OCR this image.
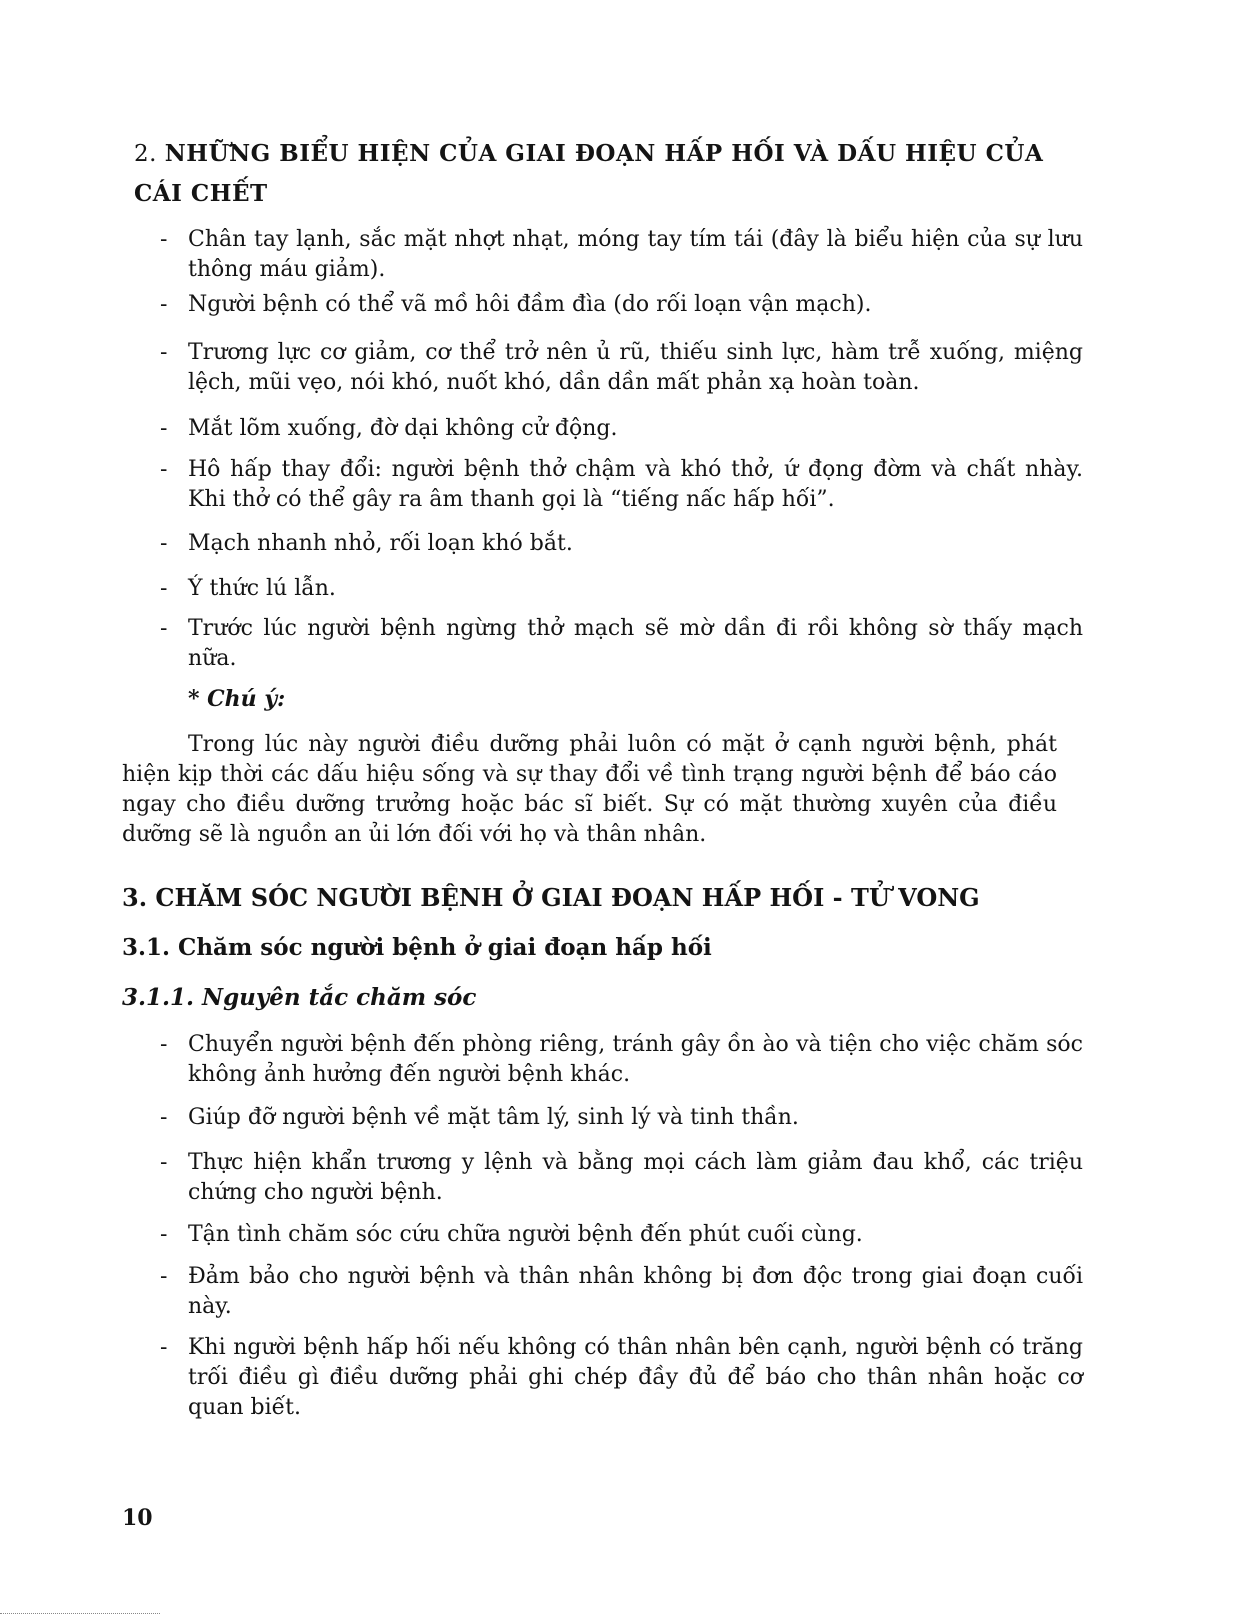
2. NHỮNG BIỂU HIỆN CỦA GIAI ĐOẠN HẤP HỐI VÀ DẤU HIỆU CỦA CÁI CHẾT

- Chân tay lạnh, sắc mặt nhợt nhạt, móng tay tím tái (đây là biểu hiện của sự lưu thông máu giảm).

- Người bệnh có thể vã mồ hôi đầm đìa (do rối loạn vận mạch).

- Trương lực cơ giảm, cơ thể trở nên ủ rũ, thiếu sinh lực, hàm trễ xuống, miệng lệch, mũi vẹo, nói khó, nuốt khó, dần dần mất phản xạ hoàn toàn.

- Mắt lõm xuống, đờ dại không cử động.

- Hô hấp thay đổi: người bệnh thở chậm và khó thở, ứ đọng đờm và chất nhày. Khi thở có thể gây ra âm thanh gọi là “tiếng nấc hấp hối”.

- Mạch nhanh nhỏ, rối loạn khó bắt.

- Ý thức lú lẫn.

- Trước lúc người bệnh ngừng thở mạch sẽ mờ dần đi rồi không sờ thấy mạch nữa.

* Chú ý:

Trong lúc này người điều dưỡng phải luôn có mặt ở cạnh người bệnh, phát hiện kịp thời các dấu hiệu sống và sự thay đổi về tình trạng người bệnh để báo cáo ngay cho điều dưỡng trưởng hoặc bác sĩ biết. Sự có mặt thường xuyên của điều dưỡng sẽ là nguồn an ủi lớn đối với họ và thân nhân.

3. CHĂM SÓC NGƯỜI BỆNH Ở GIAI ĐOẠN HẤP HỐI - TỬ VONG
3.1. Chăm sóc người bệnh ở giai đoạn hấp hối
3.1.1. Nguyên tắc chăm sóc

- Chuyển người bệnh đến phòng riêng, tránh gây ồn ào và tiện cho việc chăm sóc không ảnh hưởng đến người bệnh khác.

- Giúp đỡ người bệnh về mặt tâm lý, sinh lý và tinh thần.

- Thực hiện khẩn trương y lệnh và bằng mọi cách làm giảm đau khổ, các triệu chứng cho người bệnh.

- Tận tình chăm sóc cứu chữa người bệnh đến phút cuối cùng.

- Đảm bảo cho người bệnh và thân nhân không bị đơn độc trong giai đoạn cuối này.

- Khi người bệnh hấp hối nếu không có thân nhân bên cạnh, người bệnh có trăng trối điều gì điều dưỡng phải ghi chép đầy đủ để báo cho thân nhân hoặc cơ quan biết.

10
